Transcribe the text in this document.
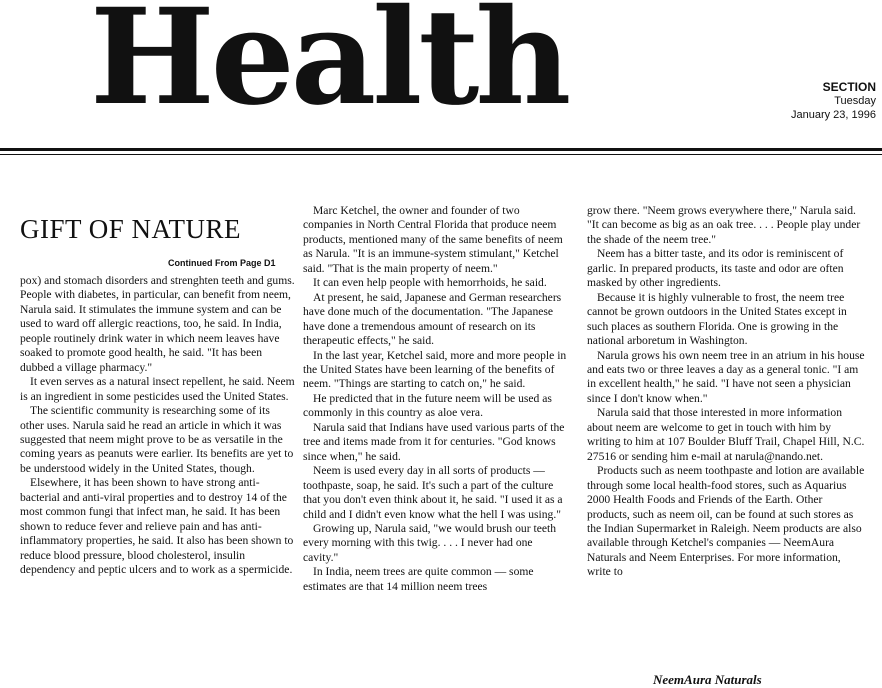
Health	SECTION
Tuesday
January 23, 1996
GIFT OF NATURE
Continued From Page D1

pox) and stomach disorders and strenghten teeth and gums. People with diabetes, in particular, can benefit from neem, Narula said. It stimulates the immune system and can be used to ward off allergic reactions, too, he said. In India, people routinely drink water in which neem leaves have soaked to promote good health, he said. "It has been dubbed a village pharmacy."

It even serves as a natural insect repellent, he said. Neem is an ingredient in some pesticides used the United States.

The scientific community is researching some of its other uses. Narula said he read an article in which it was suggested that neem might prove to be as versatile in the coming years as peanuts were earlier. Its benefits are yet to be understood widely in the United States, though.

Elsewhere, it has been shown to have strong anti-bacterial and anti-viral properties and to destroy 14 of the most common fungi that infect man, he said. It has been shown to reduce fever and relieve pain and has anti-inflammatory properties, he said. It also has been shown to reduce blood pressure, blood cholesterol, insulin dependency and peptic ulcers and to work as a spermicide.

Marc Ketchel, the owner and founder of two companies in North Central Florida that produce neem products, mentioned many of the same benefits of neem as Narula. "It is an immune-system stimulant," Ketchel said. "That is the main property of neem."

It can even help people with hemorrhoids, he said.

At present, he said, Japanese and German researchers have done much of the documentation. "The Japanese have done a tremendous amount of research on its therapeutic effects," he said.

In the last year, Ketchel said, more and more people in the United States have been learning of the benefits of neem. "Things are starting to catch on," he said.

He predicted that in the future neem will be used as commonly in this country as aloe vera.

Narula said that Indians have used various parts of the tree and items made from it for centuries. "God knows since when," he said.

Neem is used every day in all sorts of products — toothpaste, soap, he said. It's such a part of the culture that you don't even think about it, he said. "I used it as a child and I didn't even know what the hell I was using."

Growing up, Narula said, "we would brush our teeth every morning with this twig. . . . I never had one cavity."

In India, neem trees are quite common — some estimates are that 14 million neem trees

grow there. "Neem grows everywhere there," Narula said. "It can become as big as an oak tree. . . . People play under the shade of the neem tree."

Neem has a bitter taste, and its odor is reminiscent of garlic. In prepared products, its taste and odor are often masked by other ingredients.

Because it is highly vulnerable to frost, the neem tree cannot be grown outdoors in the United States except in such places as southern Florida. One is growing in the national arboretum in Washington.

Narula grows his own neem tree in an atrium in his house and eats two or three leaves a day as a general tonic. "I am in excellent health," he said. "I have not seen a physician since I don't know when."

Narula said that those interested in more information about neem are welcome to get in touch with him by writing to him at 107 Boulder Bluff Trail, Chapel Hill, N.C. 27516 or sending him e-mail at narula@nando.net.

Products such as neem toothpaste and lotion are available through some local health-food stores, such as Aquarius 2000 Health Foods and Friends of the Earth. Other products, such as neem oil, can be found at such stores as the Indian Supermarket in Raleigh. Neem products are also available through Ketchel's companies — NeemAura Naturals and Neem Enterprises. For more information, write to

NeemAura Naturals
